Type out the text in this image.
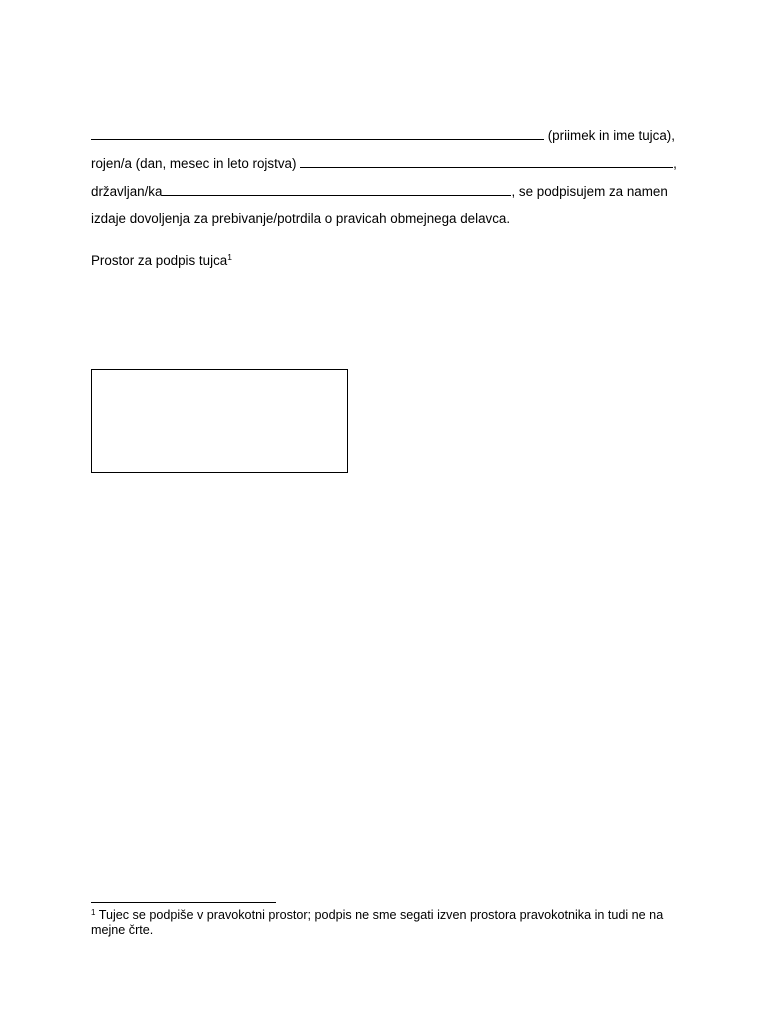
(priimek in ime tujca),
rojen/a (dan, mesec in leto rojstva)	,
državljan/ka	, se podpisujem za namen
izdaje dovoljenja za prebivanje/potrdila o pravicah obmejnega delavca.
Prostor za podpis tujca$^1$
$^1$ Tujec se podpiše v pravokotni prostor; podpis ne sme segati izven prostora pravokotnika in tudi ne na mejne črte.
